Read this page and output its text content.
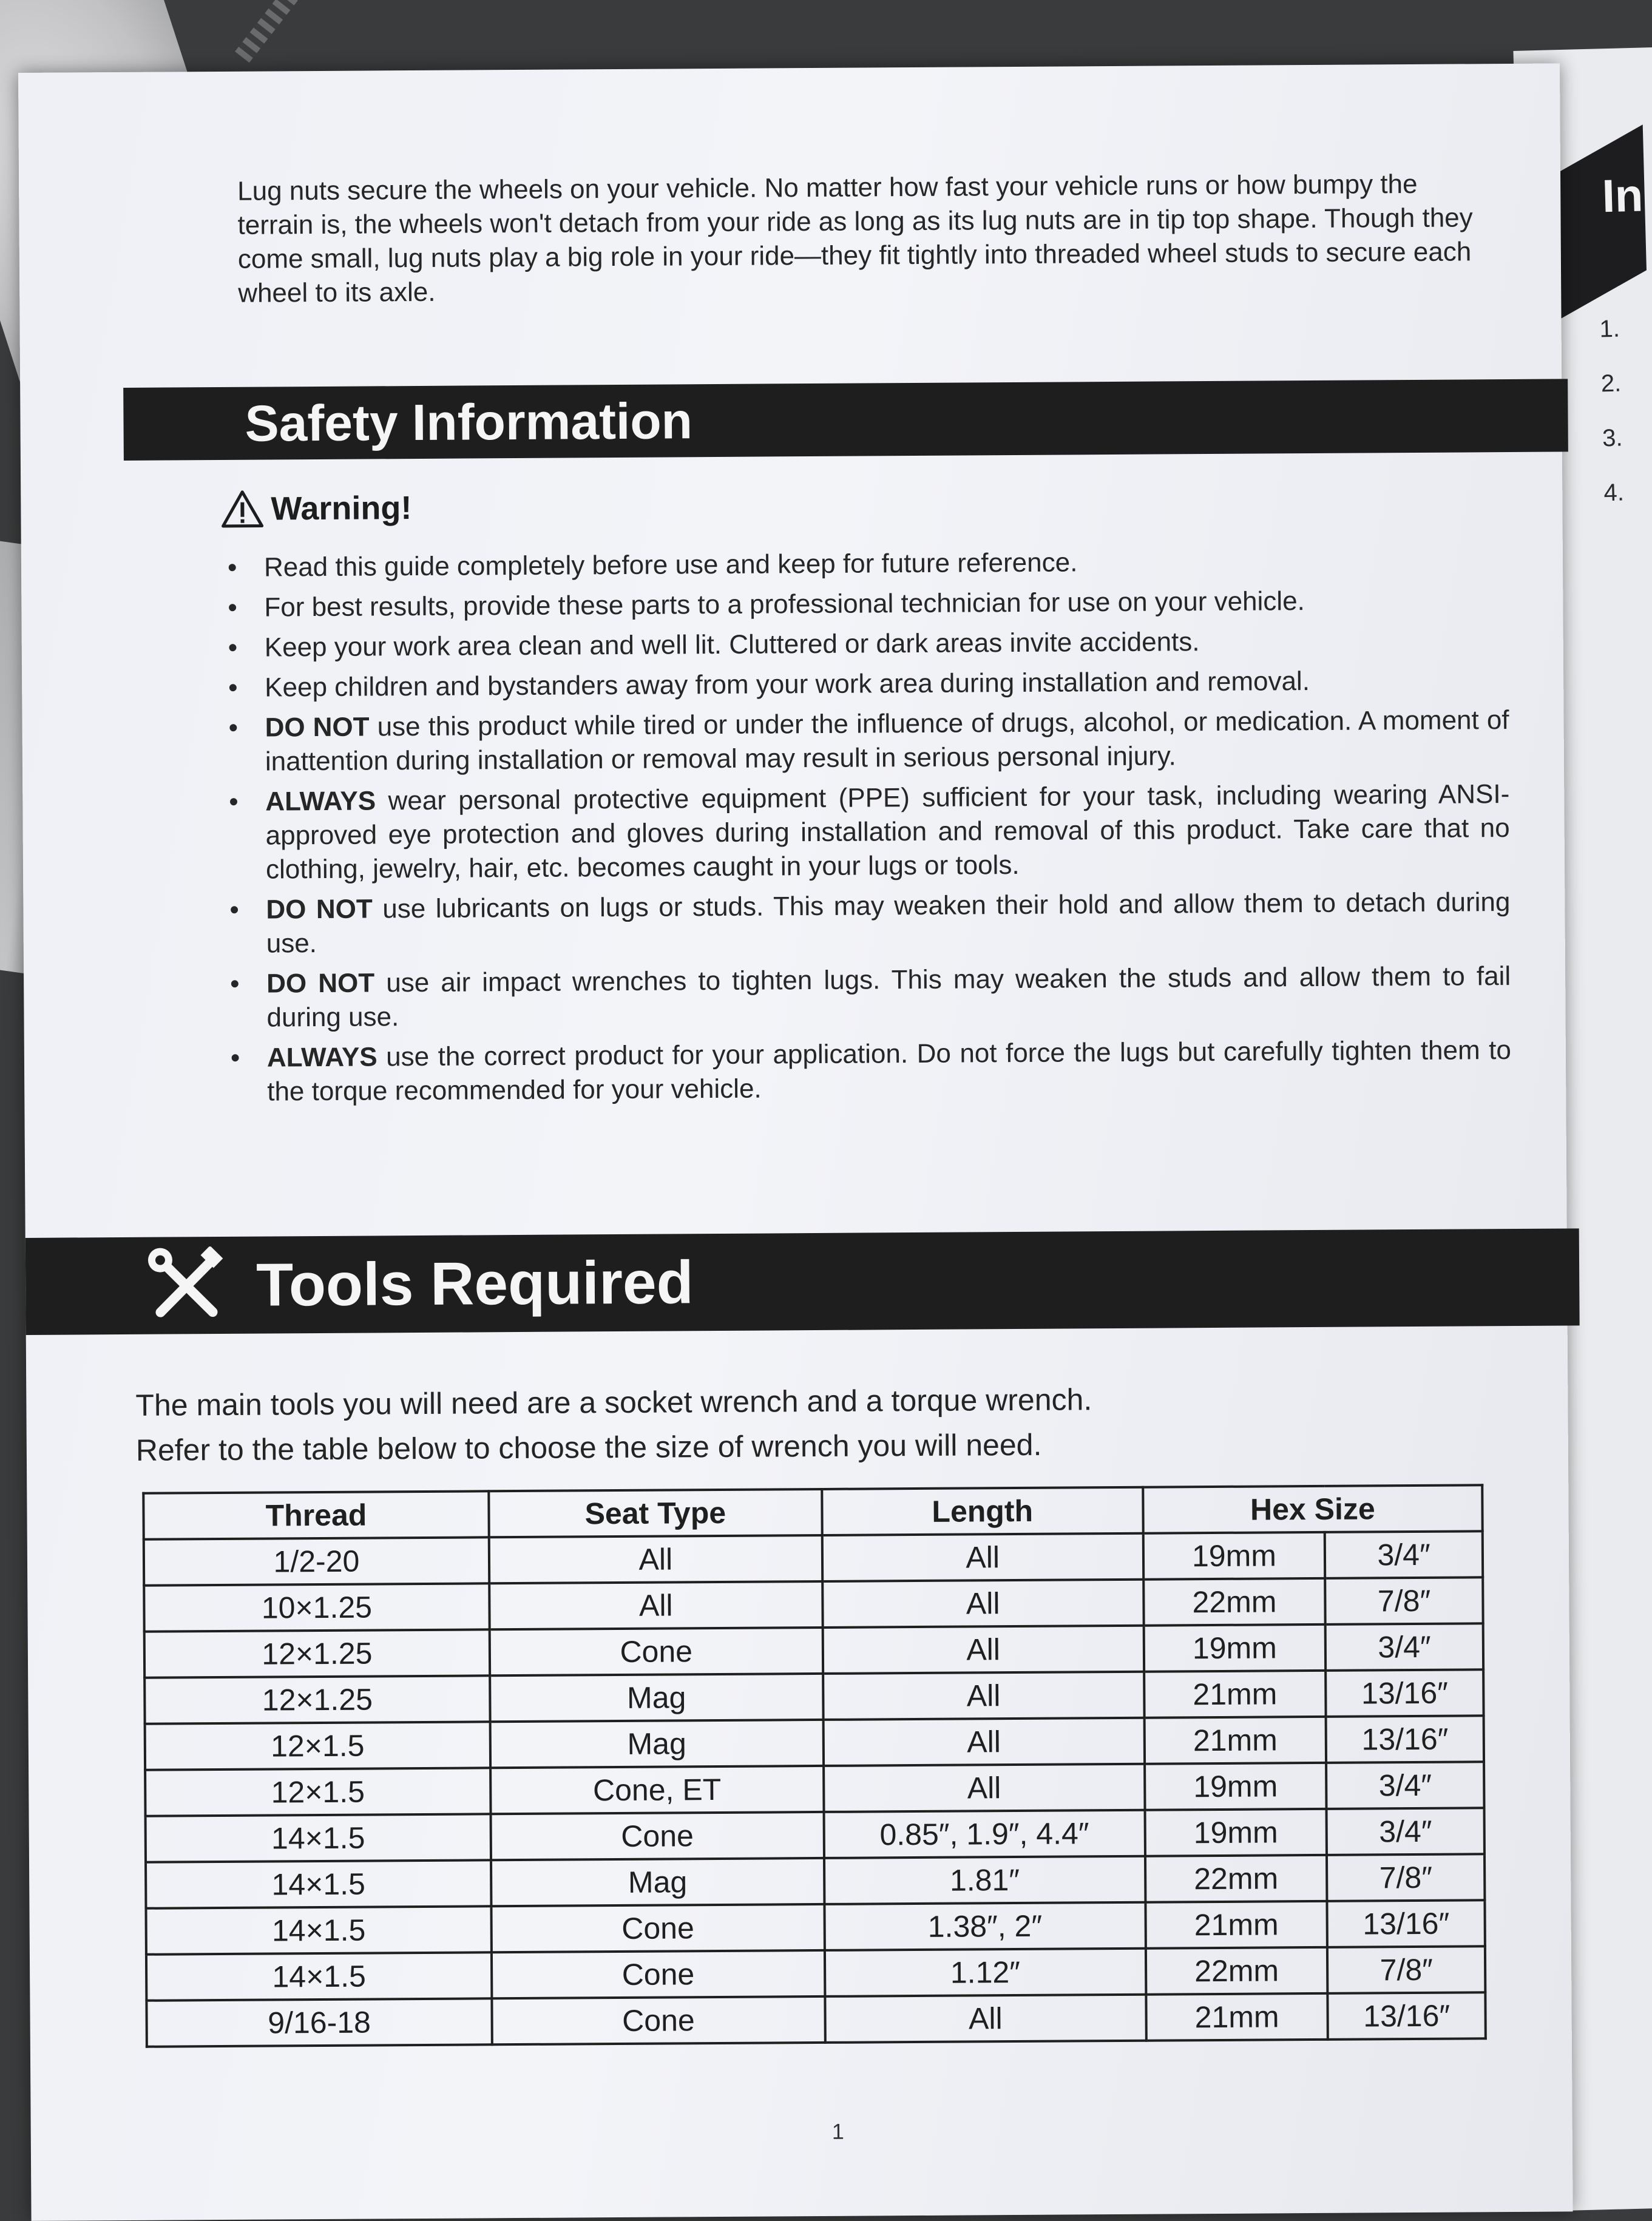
In
1.
2.
3.
4.

Lug nuts secure the wheels on your vehicle. No matter how fast your vehicle runs or how bumpy the terrain is, the wheels won't detach from your ride as long as its lug nuts are in tip top shape. Though they come small, lug nuts play a big role in your ride—they fit tightly into threaded wheel studs to secure each wheel to its axle.

Safety Information
Warning!
• Read this guide completely before use and keep for future reference.
• For best results, provide these parts to a professional technician for use on your vehicle.
• Keep your work area clean and well lit. Cluttered or dark areas invite accidents.
• Keep children and bystanders away from your work area during installation and removal.
• DO NOT use this product while tired or under the influence of drugs, alcohol, or medication. A moment of inattention during installation or removal may result in serious personal injury.
• ALWAYS wear personal protective equipment (PPE) sufficient for your task, including wearing ANSI-approved eye protection and gloves during installation and removal of this product. Take care that no clothing, jewelry, hair, etc. becomes caught in your lugs or tools.
• DO NOT use lubricants on lugs or studs. This may weaken their hold and allow them to detach during use.
• DO NOT use air impact wrenches to tighten lugs. This may weaken the studs and allow them to fail during use.
• ALWAYS use the correct product for your application. Do not force the lugs but carefully tighten them to the torque recommended for your vehicle.
Tools Required

The main tools you will need are a socket wrench and a torque wrench.

Refer to the table below to choose the size of wrench you will need.

Thread	Seat Type	Length	Hex Size	
1/2-20	All	All	19mm	3/4″
10×1.25	All	All	22mm	7/8″
12×1.25	Cone	All	19mm	3/4″
12×1.25	Mag	All	21mm	13/16″
12×1.5	Mag	All	21mm	13/16″
12×1.5	Cone, ET	All	19mm	3/4″
14×1.5	Cone	0.85″, 1.9″, 4.4″	19mm	3/4″
14×1.5	Mag	1.81″	22mm	7/8″
14×1.5	Cone	1.38″, 2″	21mm	13/16″
14×1.5	Cone	1.12″	22mm	7/8″
9/16-18	Cone	All	21mm	13/16″
1
